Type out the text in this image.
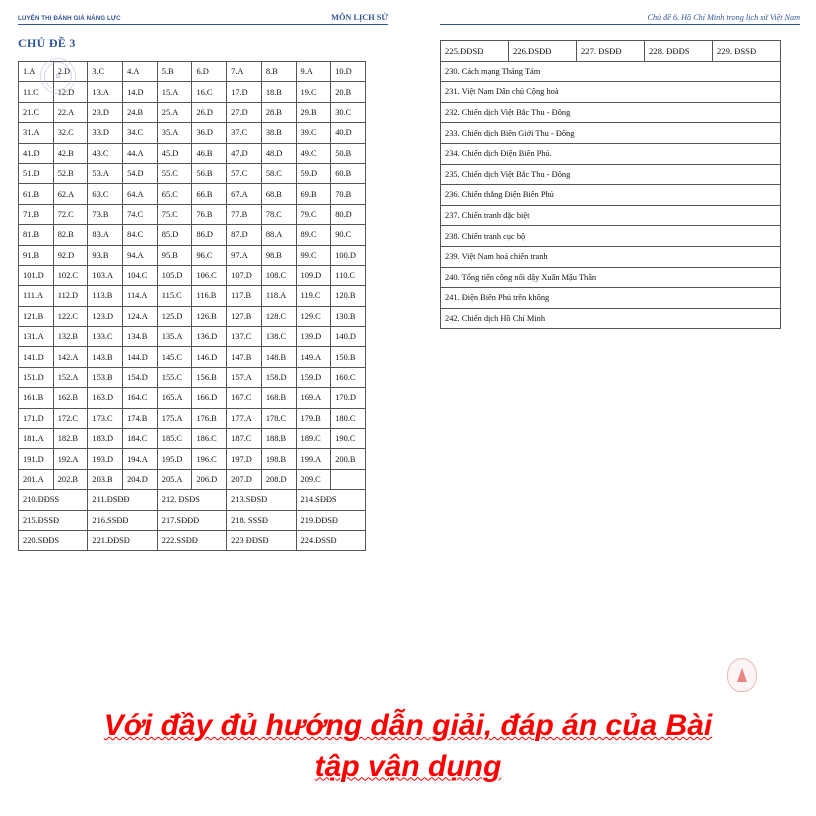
LUYỆN THI ĐÁNH GIÁ NĂNG LỰC	MÔN LỊCH SỬ
CHỦ ĐỀ 3
1.A	2.D	3.C	4.A	5.B	6.D	7.A	8.B	9.A	10.D
11.C	12.D	13.A	14.D	15.A	16.C	17.D	18.B	19.C	20.B
21.C	22.A	23.D	24.B	25.A	26.D	27.D	28.B	29.B	30.C
31.A	32.C	33.D	34.C	35.A	36.D	37.C	38.B	39.C	40.D
41.D	42.B	43.C	44.A	45.D	46.B	47.D	48.D	49.C	50.B
51.D	52.B	53.A	54.D	55.C	56.B	57.C	58.C	59.D	60.B
61.B	62.A	63.C	64.A	65.C	66.B	67.A	68.B	69.B	70.B
71.B	72.C	73.B	74.C	75.C	76.B	77.B	78.C	79.C	80.D
81.B	82.B	83.A	84.C	85.D	86.D	87.D	88.A	89.C	90.C
91.B	92.D	93.B	94.A	95.B	96.C	97.A	98.B	99.C	100.D
101.D	102.C	103.A	104.C	105.D	106.C	107.D	108.C	109.D	110.C
111.A	112.D	113.B	114.A	115.C	116.B	117.B	118.A	119.C	120.B
121.B	122.C	123.D	124.A	125.D	126.B	127.B	128.C	129.C	130.B
131.A	132.B	133.C	134.B	135.A	136.D	137.C	138.C	139.D	140.D
141.D	142.A	143.B	144.D	145.C	146.D	147.B	148.B	149.A	150.B
151.D	152.A	153.B	154.D	155.C	156.B	157.A	158.D	159.D	160.C
161.B	162.B	163.D	164.C	165.A	166.D	167.C	168.B	169.A	170.D
171.D	172.C	173.C	174.B	175.A	176.B	177.A	178.C	179.B	180.C
181.A	182.B	183.D	184.C	185.C	186.C	187.C	188.B	189.C	190.C
191.D	192.A	193.D	194.A	195.D	196.C	197.D	198.B	199.A	200.B
201.A	202.B	203.B	204.D	205.A	206.D	207.D	208.D	209.C	
210.ĐĐSS		211.ĐSĐĐ		212. ĐSĐS		213.SĐSĐ		214.SĐĐS	
215.ĐSSĐ		216.SSĐĐ		217.SĐĐĐ		218. SSSĐ		219.ĐĐSĐ	
220.SĐĐS		221.ĐĐSĐ		222.SSĐĐ		223 ĐĐSĐ		224.ĐSSĐ	
✿
Chủ đề 6. Hồ Chí Minh trong lịch sử Việt Nam
225.ĐĐSĐ	226.ĐSĐĐ	227. ĐSĐĐ	228. ĐĐĐS	229. ĐSSĐ
230. Cách mạng Tháng Tám
231. Việt Nam Dân chủ Cộng hoà
232. Chiến dịch Việt Bắc Thu - Đông
233. Chiến dịch Biên Giới Thu - Đông
234. Chiến dịch Điện Biên Phủ.
235. Chiến dịch Việt Bắc Thu - Đông
236. Chiến thắng Điện Biên Phủ
237. Chiến tranh đặc biệt
238. Chiến tranh cục bộ
239. Việt Nam hoá chiến tranh
240. Tổng tiến công nổi dậy Xuân Mậu Thân
241. Điện Biên Phủ trên không
242. Chiến dịch Hồ Chí Minh
Với đầy đủ hướng dẫn giải, đáp án của Bài
tập vận dụng
